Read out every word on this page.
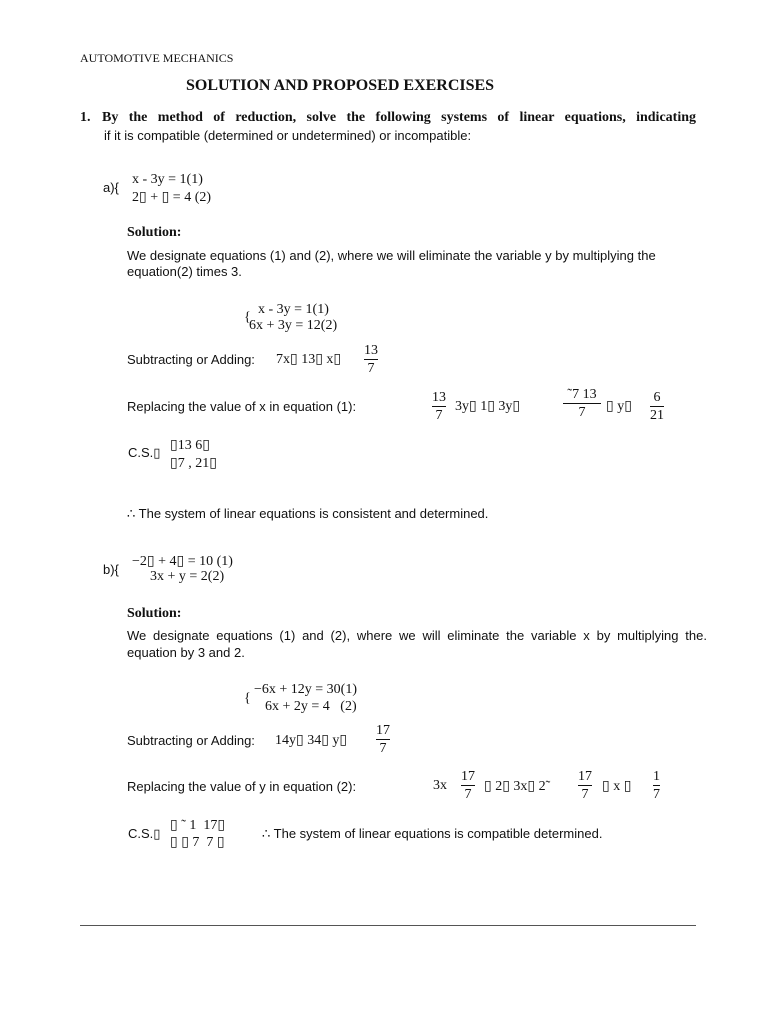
AUTOMOTIVE MECHANICS
SOLUTION AND PROPOSED EXERCISES
1. By the method of reduction, solve the following systems of linear equations, indicating
if it is compatible (determined or undetermined) or incompatible:
a){
x - 3y = 1(1)
2▯ + ▯ = 4 (2)
Solution:
We designate equations (1) and (2), where we will eliminate the variable y by multiplying the
equation(2) times 3.
{
x - 3y = 1(1)
6x + 3y = 12(2)
Subtracting or Adding: 7x▯ 13▯ x▯
13
7
Replacing the value of x in equation (1):
13
7
3y▯ 1▯ 3y▯
˜7 13
7 ▯ y▯
6
21
C.S.▯ ▯13 6▯
▯7 , 21▯
∴ The system of linear equations is consistent and determined.
b){
−2▯ + 4▯ = 10 (1)
3x + y = 2(2)
Solution:
We designate equations (1) and (2), where we will eliminate the variable x by multiplying the.
equation by 3 and 2.
{
−6x + 12y = 30(1)
6x + 2y = 4   (2)
Subtracting or Adding: 14y▯ 34▯ y▯
17
7
Replacing the value of y in equation (2):	3x
17
7
▯ 2▯ 3x▯ 2̃
17
7
▯ x ▯
1
7
C.S.▯
▯ ˜ 1  17▯
▯ ▯ 7  7 ▯
∴ The system of linear equations is compatible determined.
